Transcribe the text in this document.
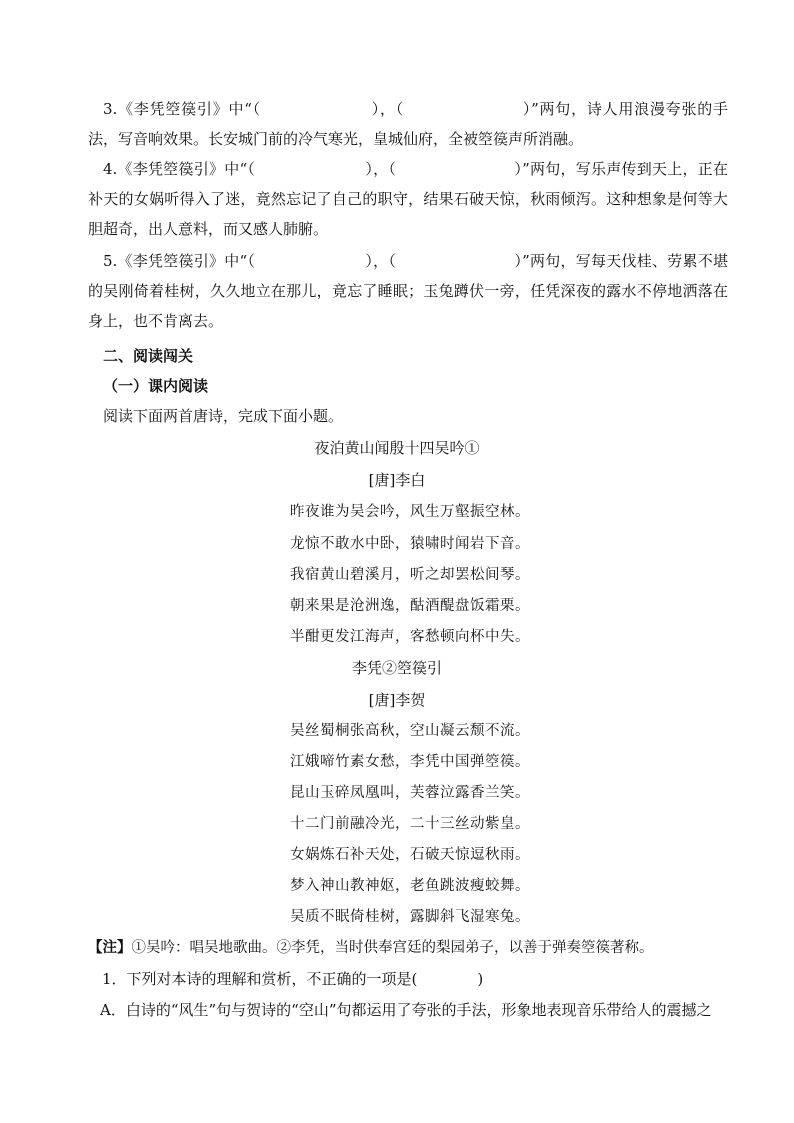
3.《李凭箜篌引》中“（	），（	）”两句，诗人用浪漫夸张的手法，写音响效果。长安城门前的冷气寒光，皇城仙府，全被箜篌声所消融。

4.《李凭箜篌引》中“（	），（	）”两句，写乐声传到天上，正在补天的女娲听得入了迷，竟然忘记了自己的职守，结果石破天惊，秋雨倾泻。这种想象是何等大胆超奇，出人意料，而又感人肺腑。

5.《李凭箜篌引》中“（	），（	）”两句，写每天伐桂、劳累不堪的吴刚倚着桂树，久久地立在那儿，竟忘了睡眠；玉兔蹲伏一旁，任凭深夜的露水不停地洒落在身上，也不肯离去。

二、阅读闯关

（一）课内阅读

阅读下面两首唐诗，完成下面小题。

夜泊黄山闻殷十四吴吟①

[唐]李白

昨夜谁为吴会吟，风生万壑振空林。

龙惊不敢水中卧，猿啸时闻岩下音。

我宿黄山碧溪月，听之却罢松间琴。

朝来果是沧洲逸，酤酒醍盘饭霜栗。

半酣更发江海声，客愁顿向杯中失。

李凭②箜篌引

[唐]李贺

吴丝蜀桐张高秋，空山凝云颓不流。

江娥啼竹素女愁，李凭中国弹箜篌。

昆山玉碎凤凰叫，芙蓉泣露香兰笑。

十二门前融冷光，二十三丝动紫皇。

女娲炼石补天处，石破天惊逗秋雨。

梦入神山教神妪，老鱼跳波瘦蛟舞。

吴质不眠倚桂树，露脚斜飞湿寒兔。

【注】①吴吟：唱吴地歌曲。②李凭，当时供奉宫廷的梨园弟子，以善于弹奏箜篌著称。

1．下列对本诗的理解和赏析，不正确的一项是(　　　　)

A．白诗的“风生”句与贺诗的“空山”句都运用了夸张的手法，形象地表现音乐带给人的震撼之
